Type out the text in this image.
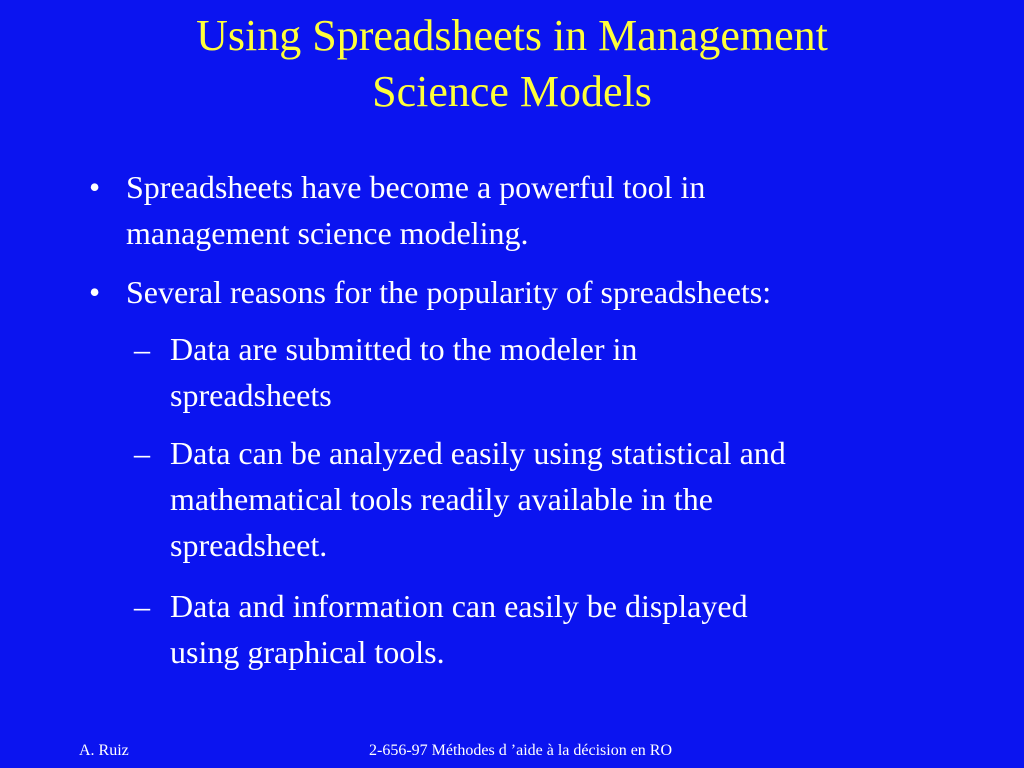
Using Spreadsheets in Management
Science Models
• Spreadsheets have become a powerful tool in
management science modeling.
• Several reasons for the popularity of spreadsheets:
– Data are submitted to the modeler in
spreadsheets
– Data can be analyzed easily using statistical and
mathematical tools readily available in the
spreadsheet.
– Data and information can easily be displayed
using graphical tools.
A. Ruiz	2-656-97 Méthodes d ’aide à la décision en RO
